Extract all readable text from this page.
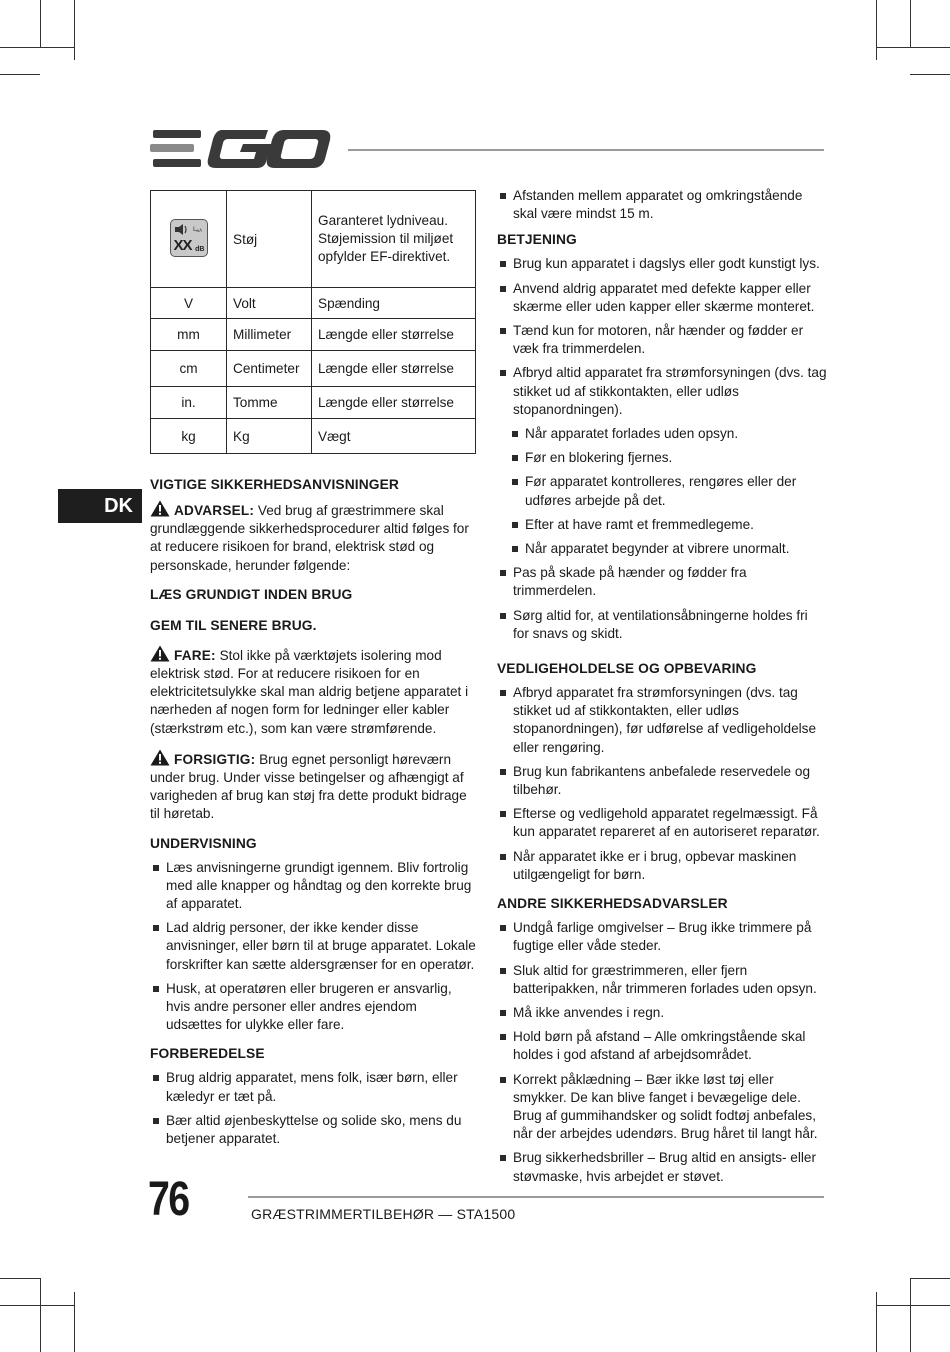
DK
L wA
XX dB	Støj	Garanteret lydniveau. Støjemission til miljøet opfylder EF-direktivet.
V	Volt	Spænding
mm	Millimeter	Længde eller størrelse
cm	Centimeter	Længde eller størrelse
in.	Tomme	Længde eller størrelse
kg	Kg	Vægt
VIGTIGE SIKKERHEDSANVISNINGER

ADVARSEL: Ved brug af græstrimmere skal grundlæggende sikkerhedsprocedurer altid følges for at reducere risikoen for brand, elektrisk stød og personskade, herunder følgende:

LÆS GRUNDIGT INDEN BRUG
GEM TIL SENERE BRUG.

FARE: Stol ikke på værktøjets isolering mod elektrisk stød. For at reducere risikoen for en elektricitetsulykke skal man aldrig betjene apparatet i nærheden af nogen form for ledninger eller kabler (stærkstrøm etc.), som kan være strømførende.

FORSIGTIG: Brug egnet personligt høreværn under brug. Under visse betingelser og afhængigt af varigheden af brug kan støj fra dette produkt bidrage til høretab.

UNDERVISNING
Læs anvisningerne grundigt igennem. Bliv fortrolig med alle knapper og håndtag og den korrekte brug af apparatet.
Lad aldrig personer, der ikke kender disse anvisninger, eller børn til at bruge apparatet. Lokale forskrifter kan sætte aldersgrænser for en operatør.
Husk, at operatøren eller brugeren er ansvarlig, hvis andre personer eller andres ejendom udsættes for ulykke eller fare.
FORBEREDELSE
Brug aldrig apparatet, mens folk, især børn, eller kæledyr er tæt på.
Bær altid øjenbeskyttelse og solide sko, mens du betjener apparatet.
Afstanden mellem apparatet og omkringstående skal være mindst 15 m.
BETJENING
Brug kun apparatet i dagslys eller godt kunstigt lys.
Anvend aldrig apparatet med defekte kapper eller skærme eller uden kapper eller skærme monteret.
Tænd kun for motoren, når hænder og fødder er væk fra trimmerdelen.
Afbryd altid apparatet fra strømforsyningen (dvs. tag stikket ud af stikkontakten, eller udløs stopanordningen).
Når apparatet forlades uden opsyn.
Før en blokering fjernes.
Før apparatet kontrolleres, rengøres eller der udføres arbejde på det.
Efter at have ramt et fremmedlegeme.
Når apparatet begynder at vibrere unormalt.
Pas på skade på hænder og fødder fra trimmerdelen.
Sørg altid for, at ventilationsåbningerne holdes fri for snavs og skidt.
VEDLIGEHOLDELSE OG OPBEVARING
Afbryd apparatet fra strømforsyningen (dvs. tag stikket ud af stikkontakten, eller udløs stopanordningen), før udførelse af vedligeholdelse eller rengøring.
Brug kun fabrikantens anbefalede reservedele og tilbehør.
Efterse og vedligehold apparatet regelmæssigt. Få kun apparatet repareret af en autoriseret reparatør.
Når apparatet ikke er i brug, opbevar maskinen utilgængeligt for børn.
ANDRE SIKKERHEDSADVARSLER
Undgå farlige omgivelser – Brug ikke trimmere på fugtige eller våde steder.
Sluk altid for græstrimmeren, eller fjern batteripakken, når trimmeren forlades uden opsyn.
Må ikke anvendes i regn.
Hold børn på afstand – Alle omkringstående skal holdes i god afstand af arbejdsområdet.
Korrekt påklædning – Bær ikke løst tøj eller smykker. De kan blive fanget i bevægelige dele. Brug af gummihandsker og solidt fodtøj anbefales, når der arbejdes udendørs. Brug håret til langt hår.
Brug sikkerhedsbriller – Brug altid en ansigts- eller støvmaske, hvis arbejdet er støvet.
76	GRÆSTRIMMERTILBEHØR — STA1500
